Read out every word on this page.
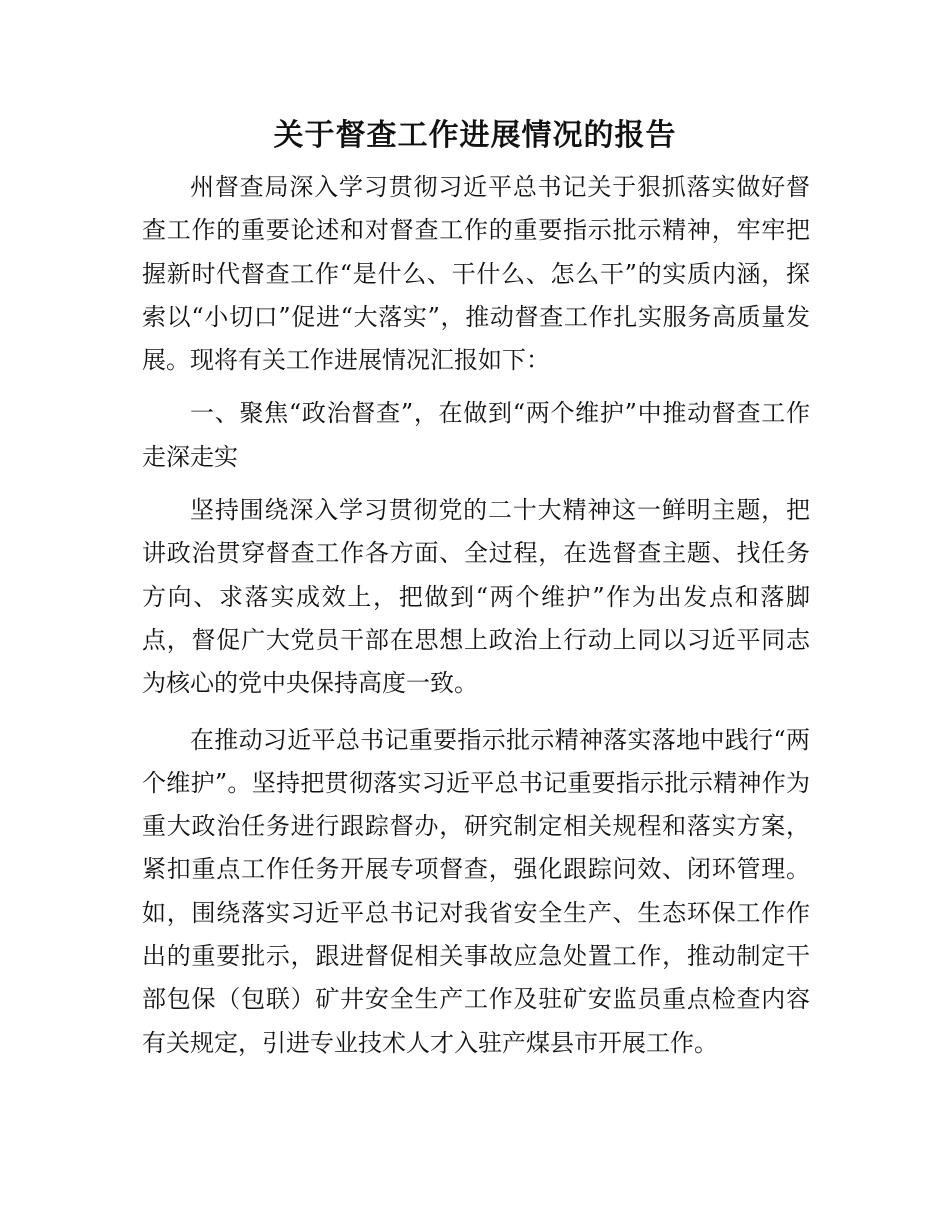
关于督查工作进展情况的报告

州督查局深入学习贯彻习近平总书记关于狠抓落实做好督查工作的重要论述和对督查工作的重要指示批示精神，牢牢把握新时代督查工作“是什么、干什么、怎么干”的实质内涵，探索以“小切口”促进“大落实”，推动督查工作扎实服务高质量发展。现将有关工作进展情况汇报如下：

一、聚焦“政治督查”，在做到“两个维护”中推动督查工作走深走实

坚持围绕深入学习贯彻党的二十大精神这一鲜明主题，把讲政治贯穿督查工作各方面、全过程，在选督查主题、找任务方向、求落实成效上，把做到“两个维护”作为出发点和落脚点，督促广大党员干部在思想上政治上行动上同以习近平同志为核心的党中央保持高度一致。

在推动习近平总书记重要指示批示精神落实落地中践行“两个维护”。坚持把贯彻落实习近平总书记重要指示批示精神作为重大政治任务进行跟踪督办，研究制定相关规程和落实方案，紧扣重点工作任务开展专项督查，强化跟踪问效、闭环管理。如，围绕落实习近平总书记对我省安全生产、生态环保工作作出的重要批示，跟进督促相关事故应急处置工作，推动制定干部包保（包联）矿井安全生产工作及驻矿安监员重点检查内容有关规定，引进专业技术人才入驻产煤县市开展工作。
